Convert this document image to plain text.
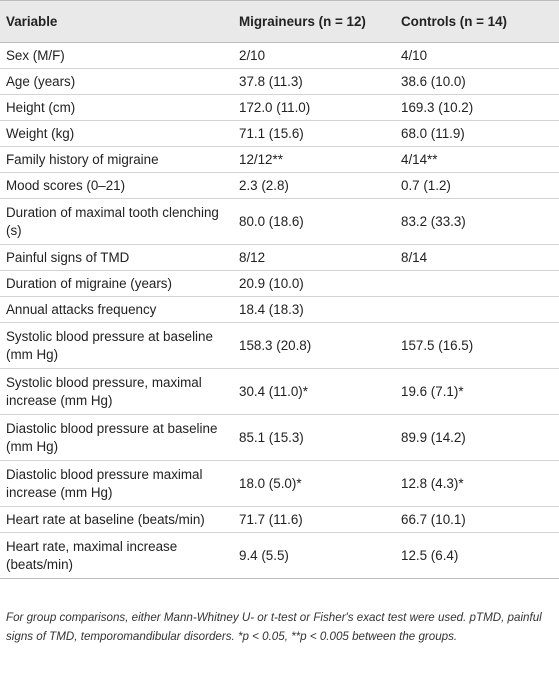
Variable	Migraineurs (n = 12)	Controls (n = 14)
Sex (M/F)	2/10	4/10
Age (years)	37.8 (11.3)	38.6 (10.0)
Height (cm)	172.0 (11.0)	169.3 (10.2)
Weight (kg)	71.1 (15.6)	68.0 (11.9)
Family history of migraine	12/12**	4/14**
Mood scores (0–21)	2.3 (2.8)	0.7 (1.2)
Duration of maximal tooth clenching (s)	80.0 (18.6)	83.2 (33.3)
Painful signs of TMD	8/12	8/14
Duration of migraine (years)	20.9 (10.0)	
Annual attacks frequency	18.4 (18.3)	
Systolic blood pressure at baseline (mm Hg)	158.3 (20.8)	157.5 (16.5)
Systolic blood pressure, maximal increase (mm Hg)	30.4 (11.0)*	19.6 (7.1)*
Diastolic blood pressure at baseline (mm Hg)	85.1 (15.3)	89.9 (14.2)
Diastolic blood pressure maximal increase (mm Hg)	18.0 (5.0)*	12.8 (4.3)*
Heart rate at baseline (beats/min)	71.7 (11.6)	66.7 (10.1)
Heart rate, maximal increase (beats/min)	9.4 (5.5)	12.5 (6.4)
For group comparisons, either Mann-Whitney U- or t-test or Fisher's exact test were used. pTMD, painful signs of TMD, temporomandibular disorders. *p < 0.05, **p < 0.005 between the groups.
